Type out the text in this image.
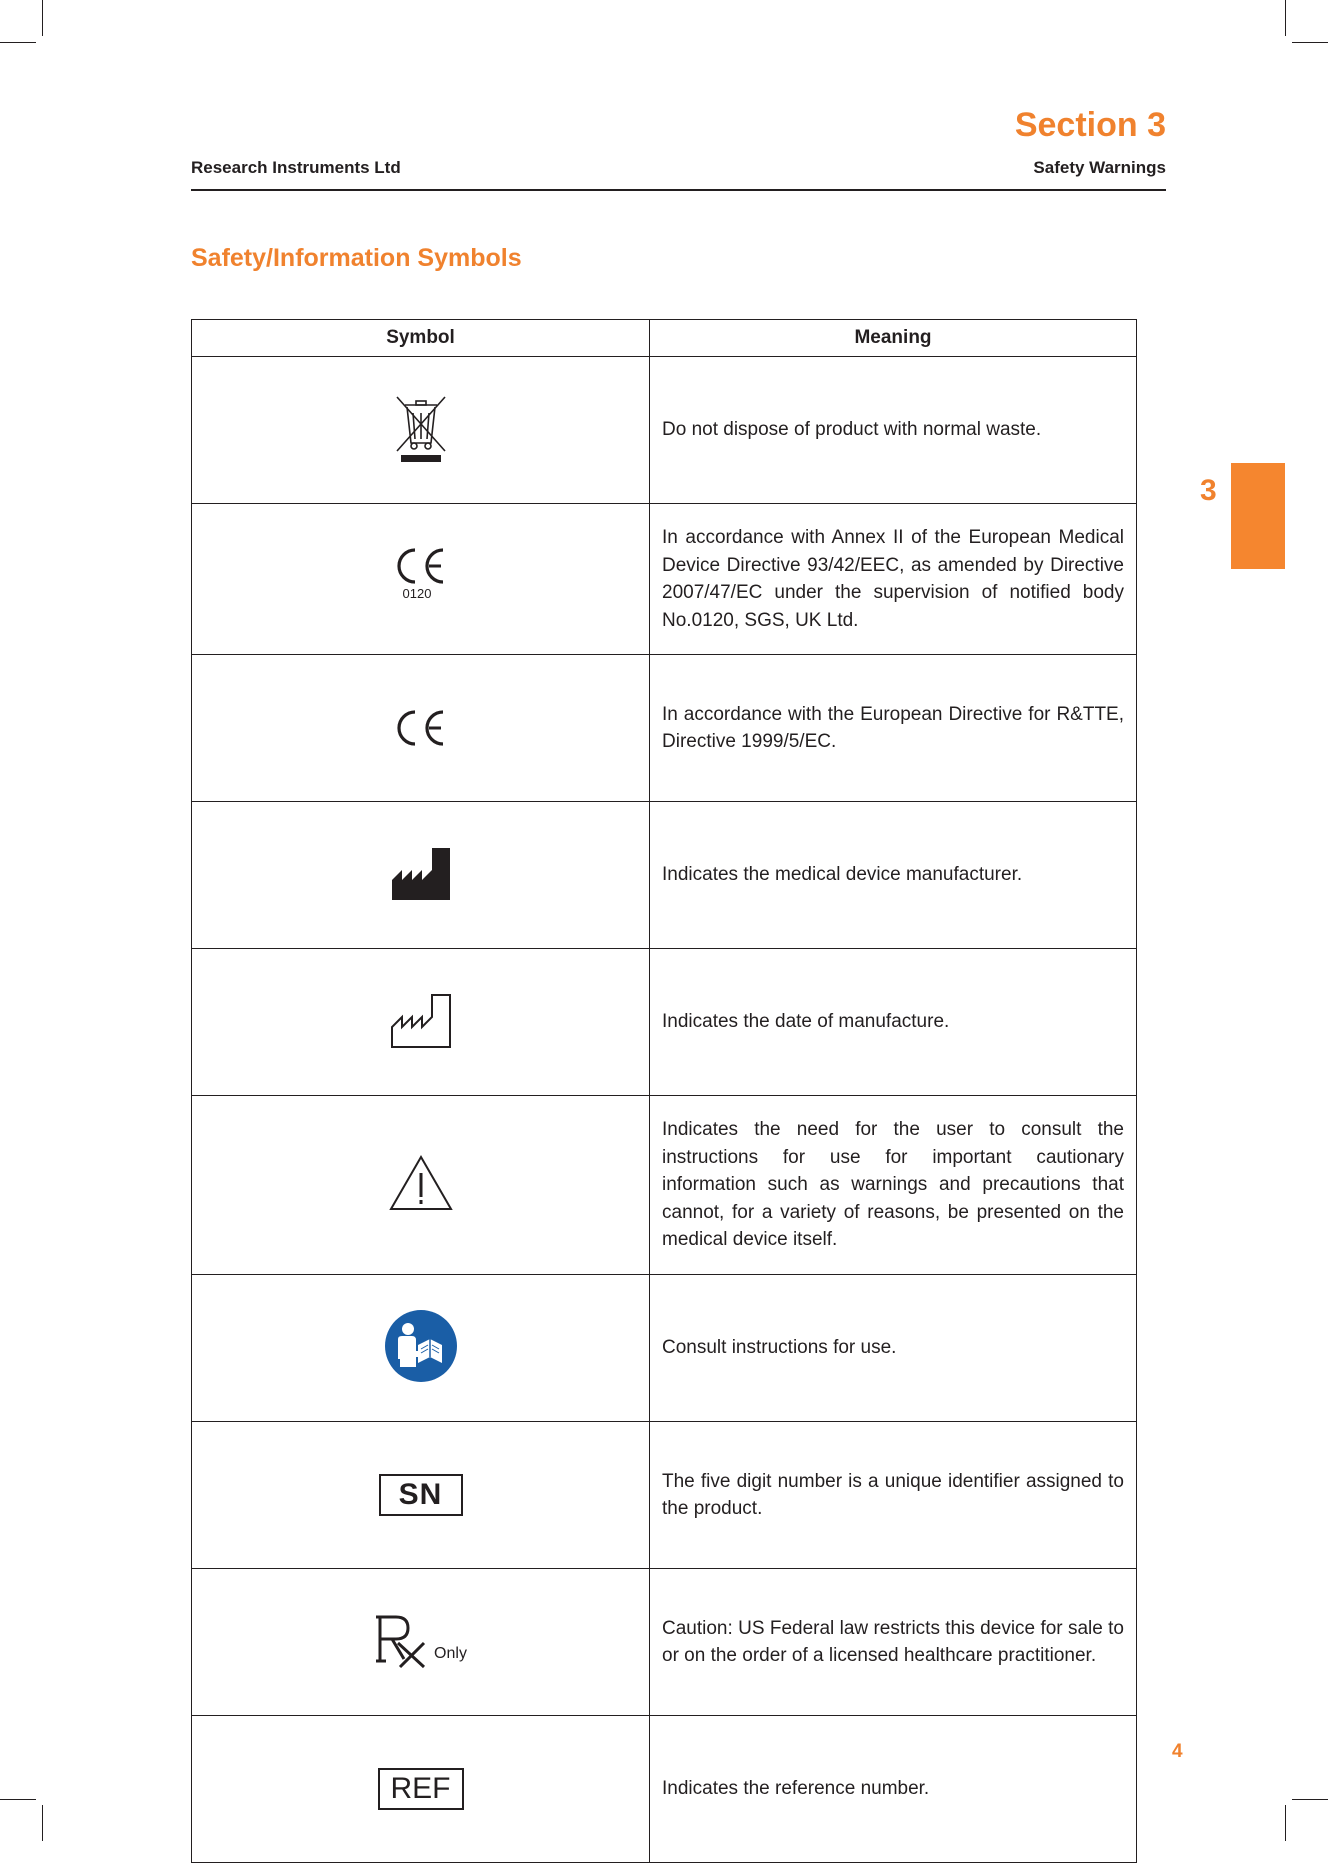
Research Instruments Ltd
Section 3
Safety Warnings
Safety/Information Symbols
3
Symbol	Meaning
	Do not dispose of product with normal waste.

0120	In accordance with Annex II of the European Medical Device Directive 93/42/EEC, as amended by Directive 2007/47/EC under the supervision of notified body No.0120, SGS, UK Ltd.
	In accordance with the European Directive for R&TTE, Directive 1999/5/EC.
	Indicates the medical device manufacturer.
	Indicates the date of manufacture.
	Indicates the need for the user to consult the instructions for use for important cautionary information such as warnings and precautions that cannot, for a variety of reasons, be presented on the medical device itself.
	Consult instructions for use.
SN	The five digit number is a unique identifier assigned to the product.

Only	Caution: US Federal law restricts this device for sale to or on the order of a licensed healthcare practitioner.
REF	Indicates the reference number.
4
